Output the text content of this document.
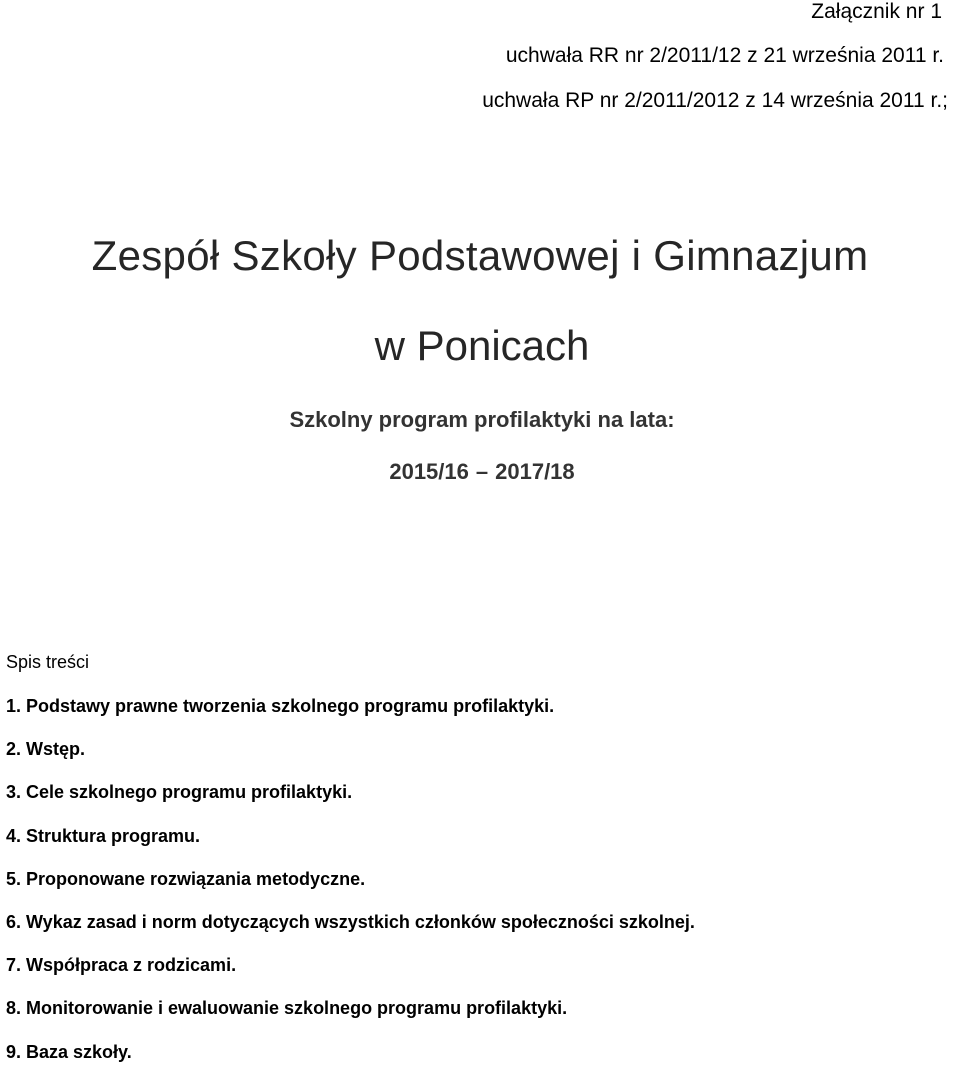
Załącznik nr 1
uchwała RR nr 2/2011/12 z 21 września 2011 r.
uchwała RP nr 2/2011/2012 z 14 września 2011 r.;
Zespół Szkoły Podstawowej i Gimnazjum
w Ponicach
Szkolny program profilaktyki na lata:
2015/16 – 2017/18
Spis treści
1. Podstawy prawne tworzenia szkolnego programu profilaktyki.
2. Wstęp.
3. Cele szkolnego programu profilaktyki.
4. Struktura programu.
5. Proponowane rozwiązania metodyczne.
6. Wykaz zasad i norm dotyczących wszystkich członków społeczności szkolnej.
7. Współpraca z rodzicami.
8. Monitorowanie i ewaluowanie szkolnego programu profilaktyki.
9. Baza szkoły.
